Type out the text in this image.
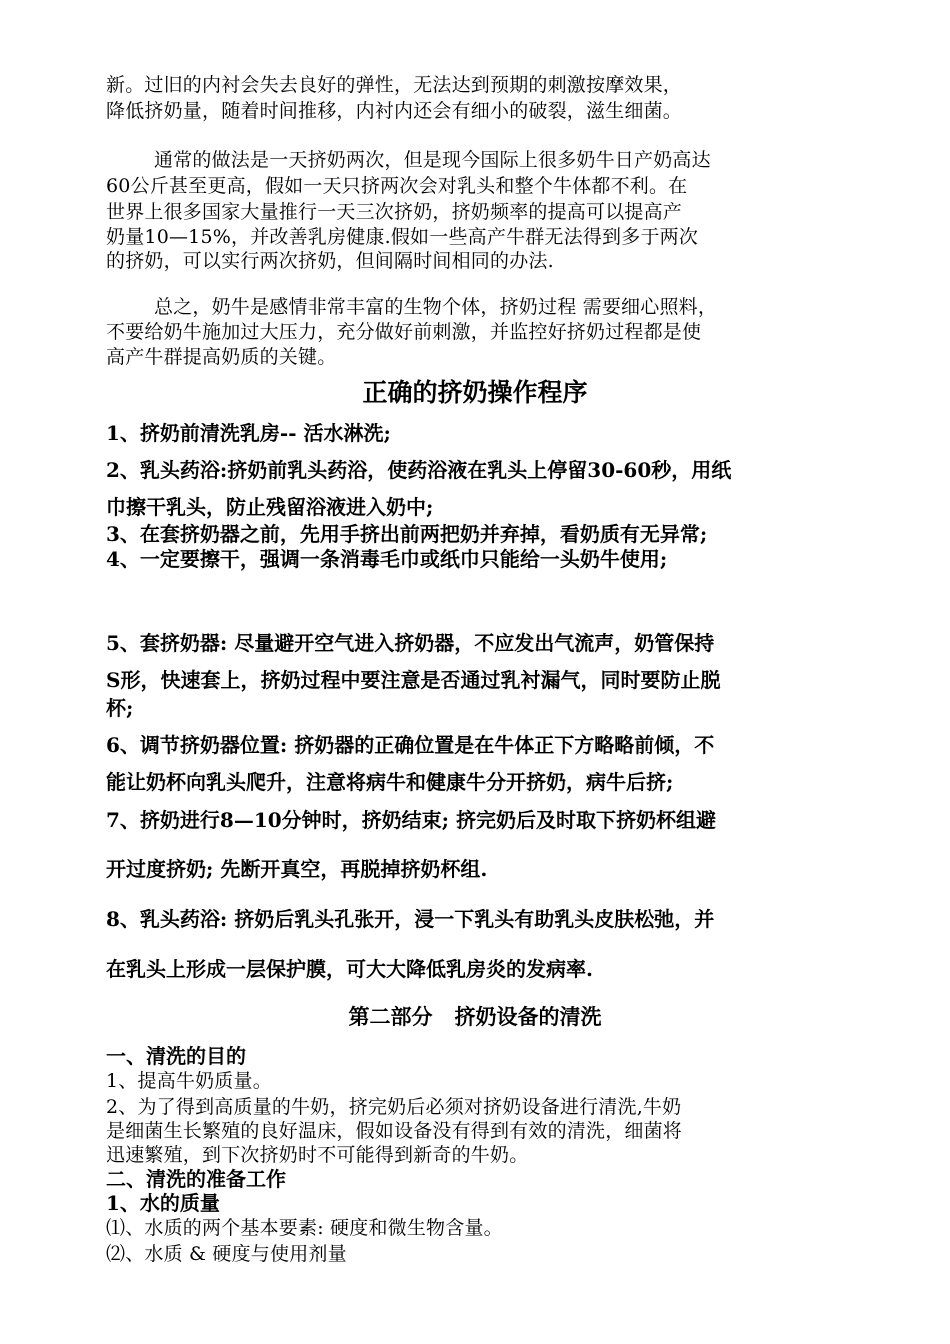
新。过旧的内衬会失去良好的弹性，无法达到预期的刺激按摩效果，
降低挤奶量，随着时间推移，内衬内还会有细小的破裂，滋生细菌。
通常的做法是一天挤奶两次，但是现今国际上很多奶牛日产奶高达
60公斤甚至更高，假如一天只挤两次会对乳头和整个牛体都不利。在
世界上很多国家大量推行一天三次挤奶，挤奶频率的提高可以提高产
奶量10—15%，并改善乳房健康.假如一些高产牛群无法得到多于两次
的挤奶，可以实行两次挤奶，但间隔时间相同的办法.
总之，奶牛是感情非常丰富的生物个体，挤奶过程 需要细心照料，
不要给奶牛施加过大压力，充分做好前刺激，并监控好挤奶过程都是使
高产牛群提高奶质的关键。
正确的挤奶操作程序
1、挤奶前清洗乳房-- 活水淋洗;
2、乳头药浴:挤奶前乳头药浴，使药浴液在乳头上停留30-60秒，用纸
巾擦干乳头，防止残留浴液进入奶中;
3、在套挤奶器之前，先用手挤出前两把奶并弃掉，看奶质有无异常;
4、一定要擦干，强调一条消毒毛巾或纸巾只能给一头奶牛使用;
5、套挤奶器: 尽量避开空气进入挤奶器，不应发出气流声，奶管保持
S形，快速套上，挤奶过程中要注意是否通过乳衬漏气，同时要防止脱
杯;
6、调节挤奶器位置: 挤奶器的正确位置是在牛体正下方略略前倾，不
能让奶杯向乳头爬升，注意将病牛和健康牛分开挤奶，病牛后挤;
7、挤奶进行8—10分钟时，挤奶结束; 挤完奶后及时取下挤奶杯组避
开过度挤奶; 先断开真空，再脱掉挤奶杯组.
8、乳头药浴: 挤奶后乳头孔张开，浸一下乳头有助乳头皮肤松弛，并
在乳头上形成一层保护膜，可大大降低乳房炎的发病率.
第二部分   挤奶设备的清洗
一、清洗的目的
1、提高牛奶质量。
2、为了得到高质量的牛奶，挤完奶后必须对挤奶设备进行清洗,牛奶
是细菌生长繁殖的良好温床，假如设备没有得到有效的清洗，细菌将
迅速繁殖，到下次挤奶时不可能得到新奇的牛奶。
二、清洗的准备工作
1、水的质量
⑴、水质的两个基本要素: 硬度和微生物含量。
⑵、水质 & 硬度与使用剂量
